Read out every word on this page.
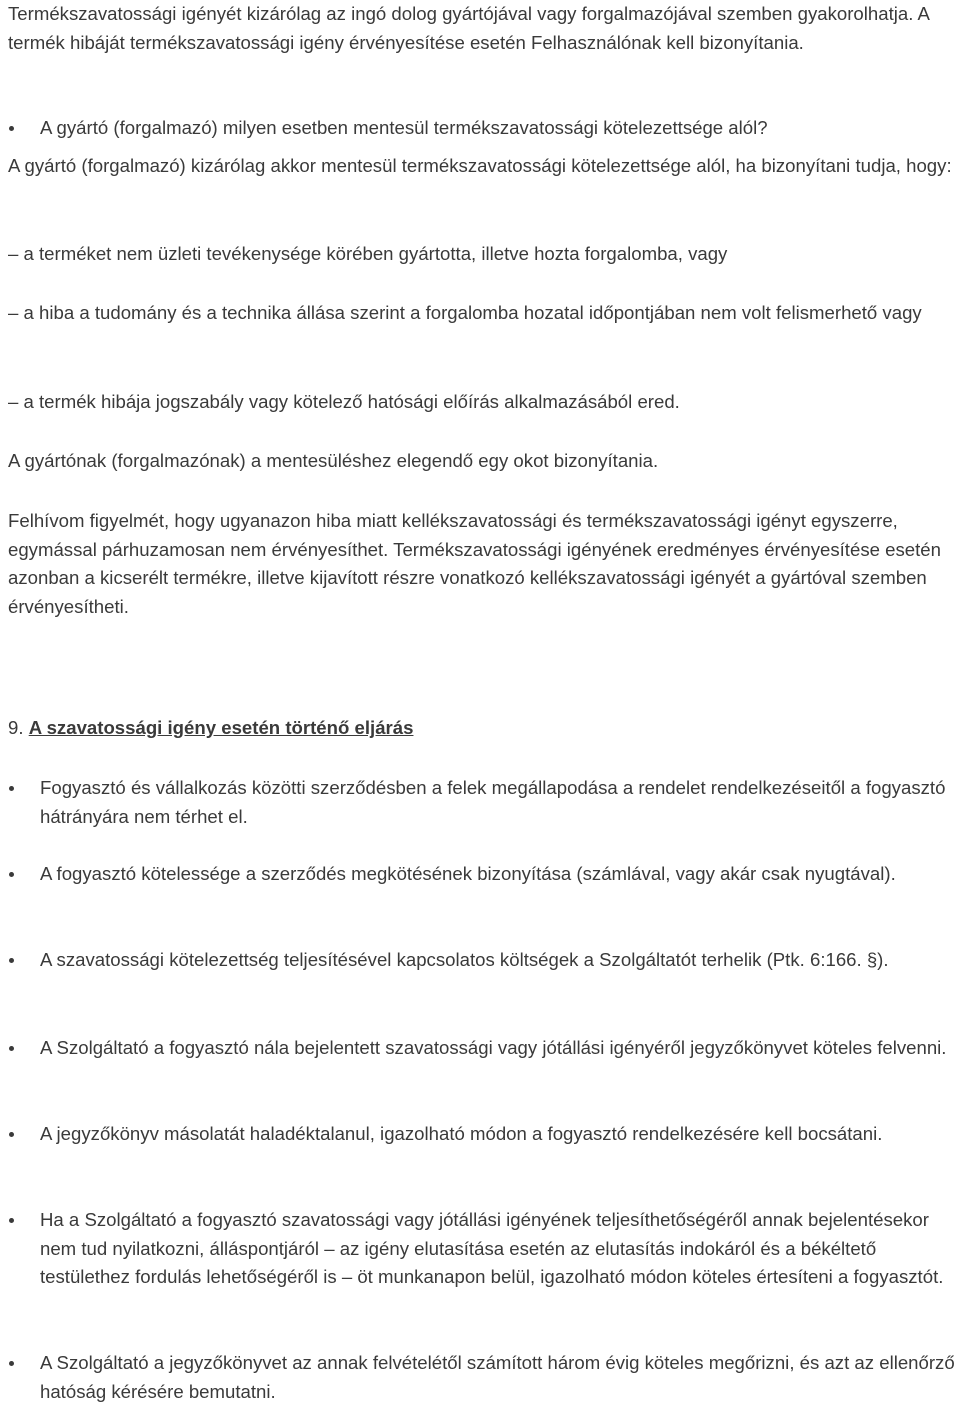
Termékszavatossági igényét kizárólag az ingó dolog gyártójával vagy forgalmazójával szemben gyakorolhatja. A termék hibáját termékszavatossági igény érvényesítése esetén Felhasználónak kell bizonyítania.

A gyártó (forgalmazó) milyen esetben mentesül termékszavatossági kötelezettsége alól?

A gyártó (forgalmazó) kizárólag akkor mentesül termékszavatossági kötelezettsége alól, ha bizonyítani tudja, hogy:

– a terméket nem üzleti tevékenysége körében gyártotta, illetve hozta forgalomba, vagy

– a hiba a tudomány és a technika állása szerint a forgalomba hozatal időpontjában nem volt felismerhető vagy

– a termék hibája jogszabály vagy kötelező hatósági előírás alkalmazásából ered.

A gyártónak (forgalmazónak) a mentesüléshez elegendő egy okot bizonyítania.

Felhívom figyelmét, hogy ugyanazon hiba miatt kellékszavatossági és termékszavatossági igényt egyszerre, egymással párhuzamosan nem érvényesíthet. Termékszavatossági igényének eredményes érvényesítése esetén azonban a kicserélt termékre, illetve kijavított részre vonatkozó kellékszavatossági igényét a gyártóval szemben érvényesítheti.

9. A szavatossági igény esetén történő eljárás

Fogyasztó és vállalkozás közötti szerződésben a felek megállapodása a rendelet rendelkezéseitől a fogyasztó hátrányára nem térhet el.

A fogyasztó kötelessége a szerződés megkötésének bizonyítása (számlával, vagy akár csak nyugtával).

A szavatossági kötelezettség teljesítésével kapcsolatos költségek a Szolgáltatót terhelik (Ptk. 6:166. §).

A Szolgáltató a fogyasztó nála bejelentett szavatossági vagy jótállási igényéről jegyzőkönyvet köteles felvenni.

A jegyzőkönyv másolatát haladéktalanul, igazolható módon a fogyasztó rendelkezésére kell bocsátani.

Ha a Szolgáltató a fogyasztó szavatossági vagy jótállási igényének teljesíthetőségéről annak bejelentésekor nem tud nyilatkozni, álláspontjáról – az igény elutasítása esetén az elutasítás indokáról és a békéltető testülethez fordulás lehetőségéről is – öt munkanapon belül, igazolható módon köteles értesíteni a fogyasztót.

A Szolgáltató a jegyzőkönyvet az annak felvételétől számított három évig köteles megőrizni, és azt az ellenőrző hatóság kérésére bemutatni.
